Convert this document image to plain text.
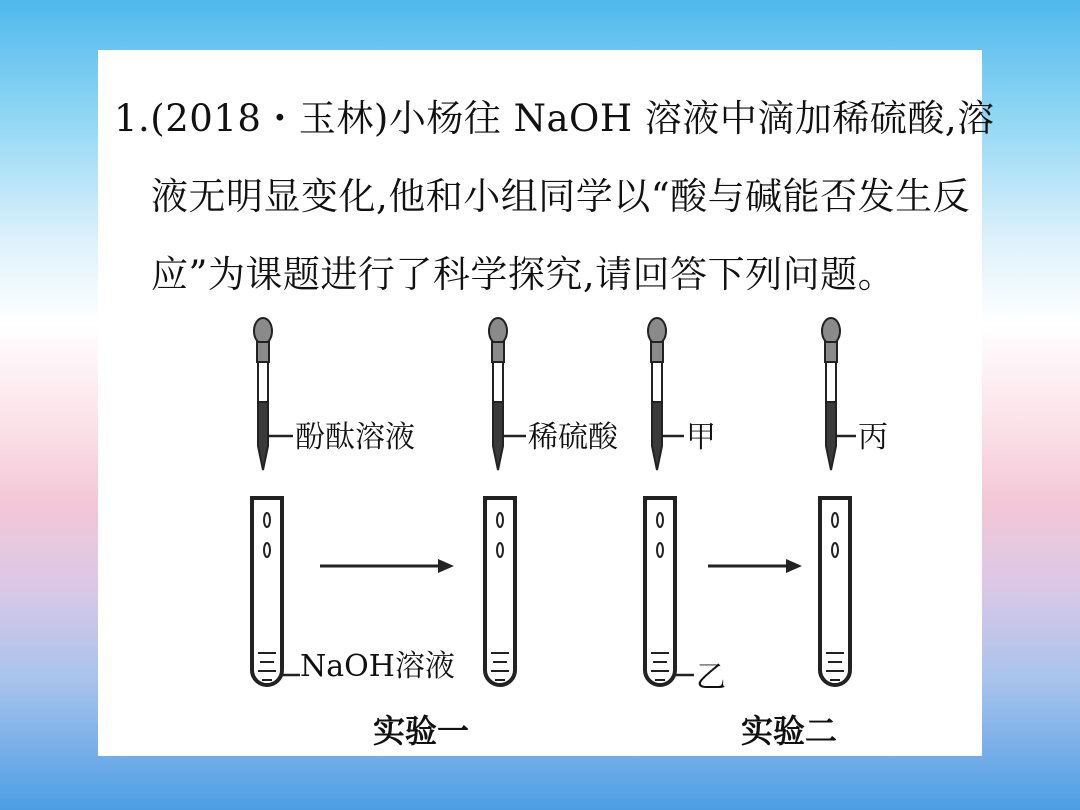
1.(2018・玉林)小杨往 NaOH 溶液中滴加稀硫酸,溶
液无明显变化,他和小组同学以“酸与碱能否发生反
应”为课题进行了科学探究,请回答下列问题。
酚酞溶液	稀硫酸 甲	丙
NaOH溶液	乙
实验一	实验二
